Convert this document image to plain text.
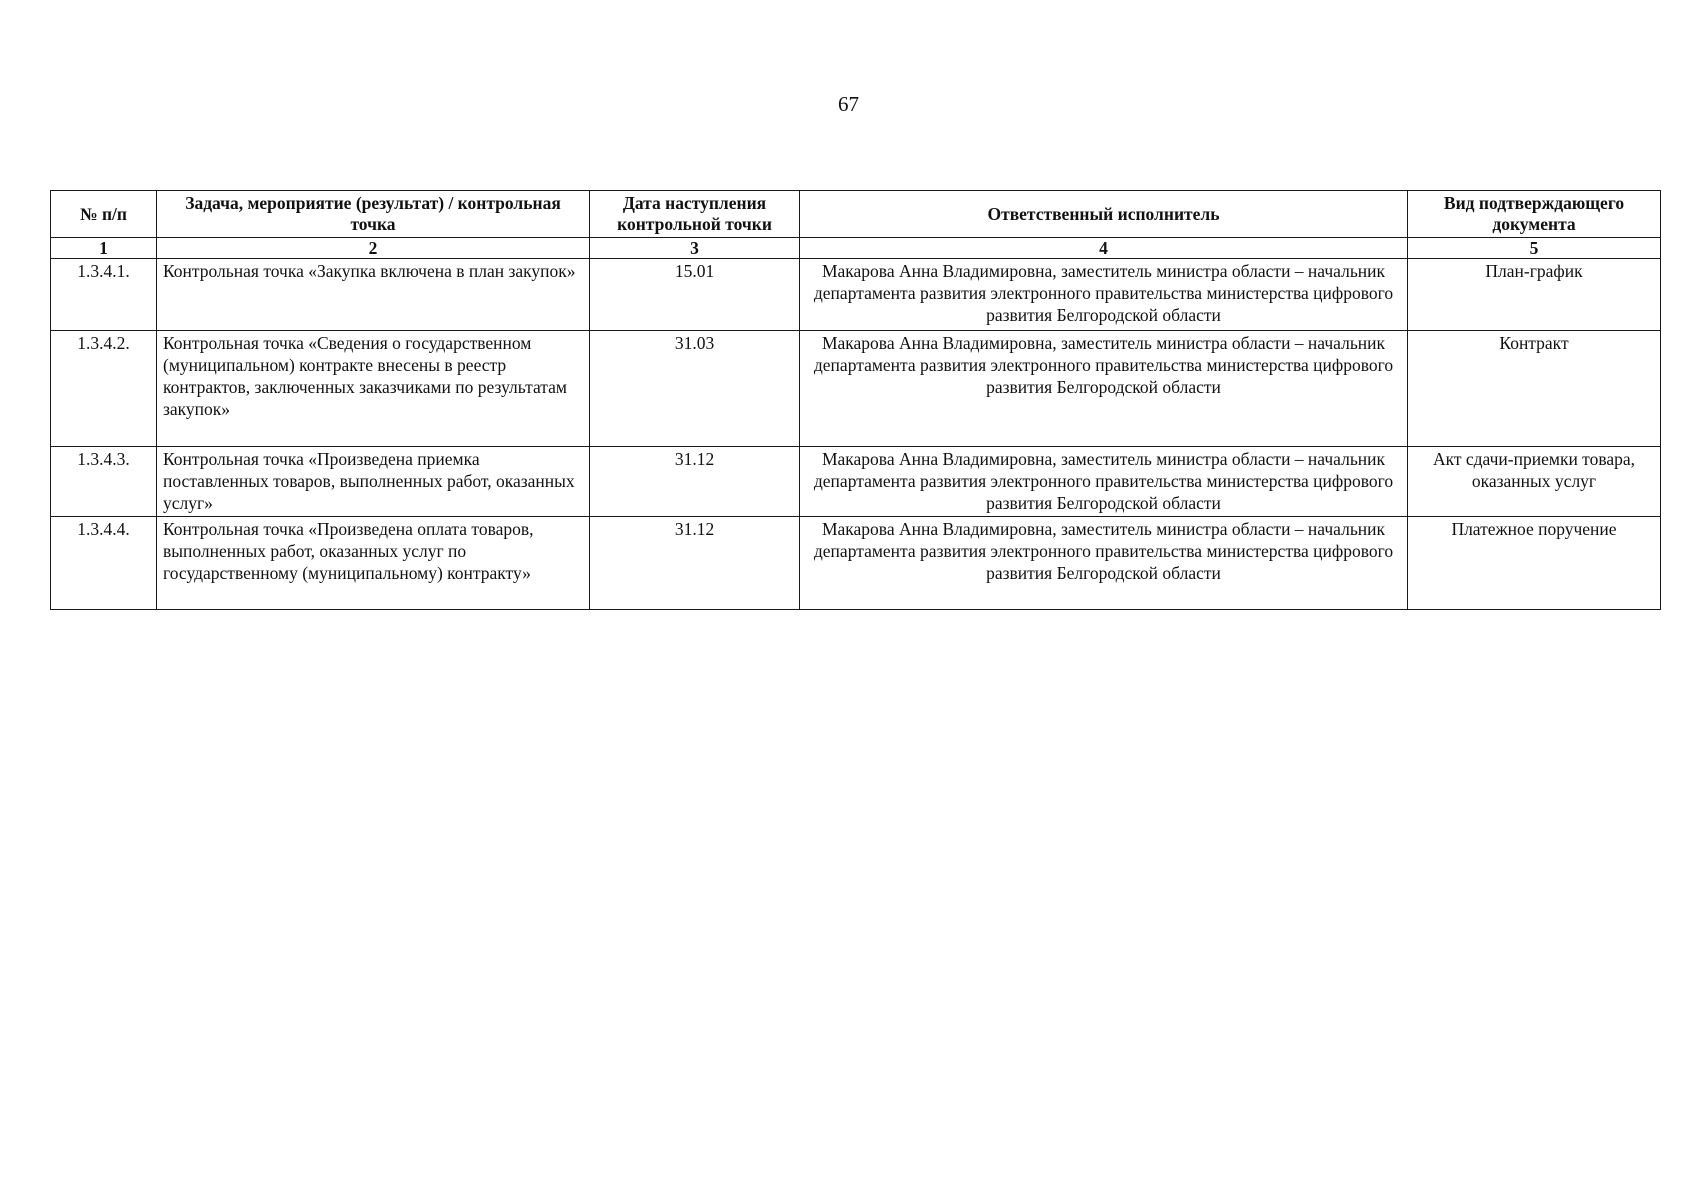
67
№ п/п	Задача, мероприятие (результат) / контрольная точка	Дата наступления контрольной точки	Ответственный исполнитель	Вид подтверждающего документа
1	2	3	4	5
1.3.4.1.	Контрольная точка «Закупка включена в план закупок»	15.01	Макарова Анна Владимировна, заместитель министра области – начальник департамента развития электронного правительства министерства цифрового развития Белгородской области	План-график
1.3.4.2.	Контрольная точка «Сведения о государственном (муниципальном) контракте внесены в реестр контрактов, заключенных заказчиками по результатам закупок»	31.03	Макарова Анна Владимировна, заместитель министра области – начальник департамента развития электронного правительства министерства цифрового развития Белгородской области	Контракт
1.3.4.3.	Контрольная точка «Произведена приемка поставленных товаров, выполненных работ, оказанных услуг»	31.12	Макарова Анна Владимировна, заместитель министра области – начальник департамента развития электронного правительства министерства цифрового развития Белгородской области	Акт сдачи-приемки товара, оказанных услуг
1.3.4.4.	Контрольная точка «Произведена оплата товаров, выполненных работ, оказанных услуг по государственному (муниципальному) контракту»	31.12	Макарова Анна Владимировна, заместитель министра области – начальник департамента развития электронного правительства министерства цифрового развития Белгородской области	Платежное поручение
